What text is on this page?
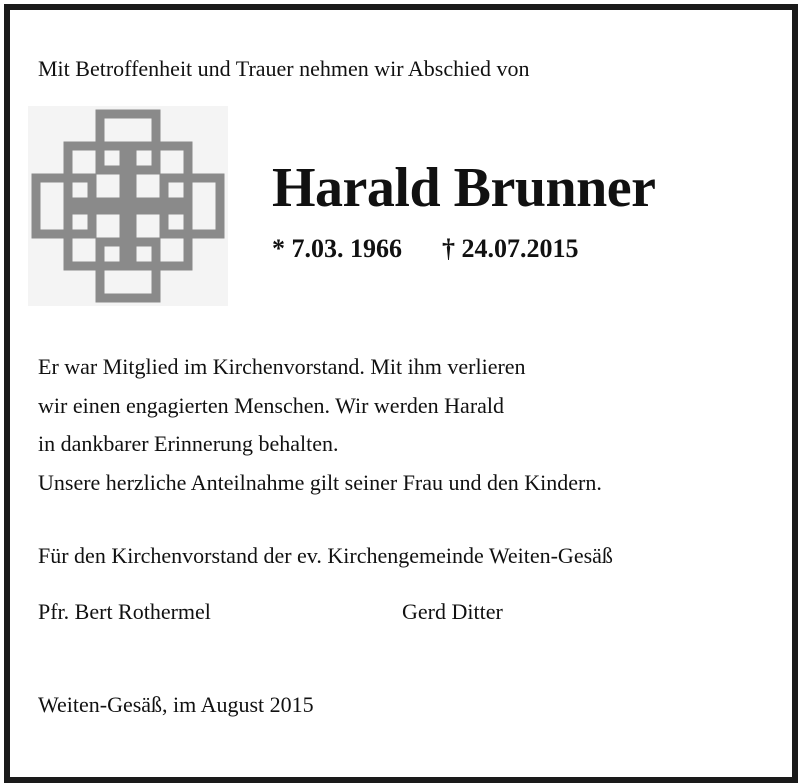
Mit Betroffenheit und Trauer nehmen wir Abschied von
Harald Brunner
* 7.03. 1966 † 24.07.2015
Er war Mitglied im Kirchenvorstand. Mit ihm verlieren
wir einen engagierten Menschen. Wir werden Harald
in dankbarer Erinnerung behalten.
Unsere herzliche Anteilnahme gilt seiner Frau und den Kindern.
Für den Kirchenvorstand der ev. Kirchengemeinde Weiten-Gesäß
Pfr. Bert Rothermel	Gerd Ditter
Weiten-Gesäß, im August 2015
